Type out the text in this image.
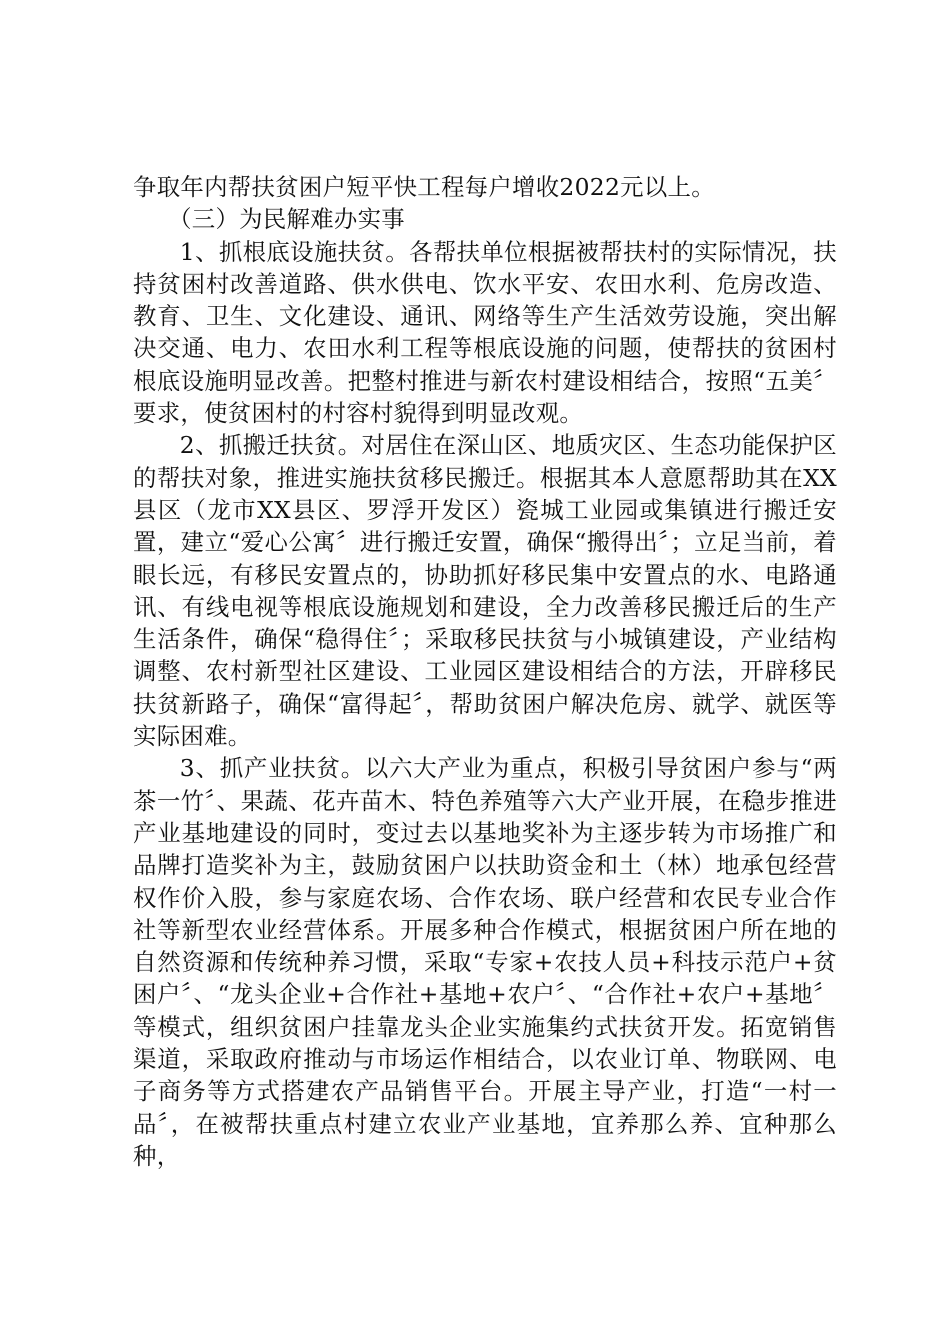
争取年内帮扶贫困户短平快工程每户增收2022元以上。

（三）为民解难办实事

1、抓根底设施扶贫。各帮扶单位根据被帮扶村的实际情况，扶持贫困村改善道路、供水供电、饮水平安、农田水利、危房改造、教育、卫生、文化建设、通讯、网络等生产生活效劳设施，突出解决交通、电力、农田水利工程等根底设施的问题，使帮扶的贫困村根底设施明显改善。把整村推进与新农村建设相结合，按照“五美〞要求，使贫困村的村容村貌得到明显改观。

2、抓搬迁扶贫。对居住在深山区、地质灾区、生态功能保护区的帮扶对象，推进实施扶贫移民搬迁。根据其本人意愿帮助其在XX县区（龙市XX县区、罗浮开发区）瓷城工业园或集镇进行搬迁安置，建立“爱心公寓〞进行搬迁安置，确保“搬得出〞；立足当前，着眼长远，有移民安置点的，协助抓好移民集中安置点的水、电路通讯、有线电视等根底设施规划和建设，全力改善移民搬迁后的生产生活条件，确保“稳得住〞；采取移民扶贫与小城镇建设，产业结构调整、农村新型社区建设、工业园区建设相结合的方法，开辟移民扶贫新路子，确保“富得起〞，帮助贫困户解决危房、就学、就医等实际困难。

3、抓产业扶贫。以六大产业为重点，积极引导贫困户参与“两茶一竹〞、果蔬、花卉苗木、特色养殖等六大产业开展，在稳步推进产业基地建设的同时，变过去以基地奖补为主逐步转为市场推广和品牌打造奖补为主，鼓励贫困户以扶助资金和土（林）地承包经营权作价入股，参与家庭农场、合作农场、联户经营和农民专业合作社等新型农业经营体系。开展多种合作模式，根据贫困户所在地的自然资源和传统种养习惯，采取“专家+农技人员+科技示范户+贫困户〞、“龙头企业+合作社+基地+农户〞、“合作社+农户+基地〞等模式，组织贫困户挂靠龙头企业实施集约式扶贫开发。拓宽销售渠道，采取政府推动与市场运作相结合，以农业订单、物联网、电子商务等方式搭建农产品销售平台。开展主导产业，打造“一村一品〞，在被帮扶重点村建立农业产业基地，宜养那么养、宜种那么种，
